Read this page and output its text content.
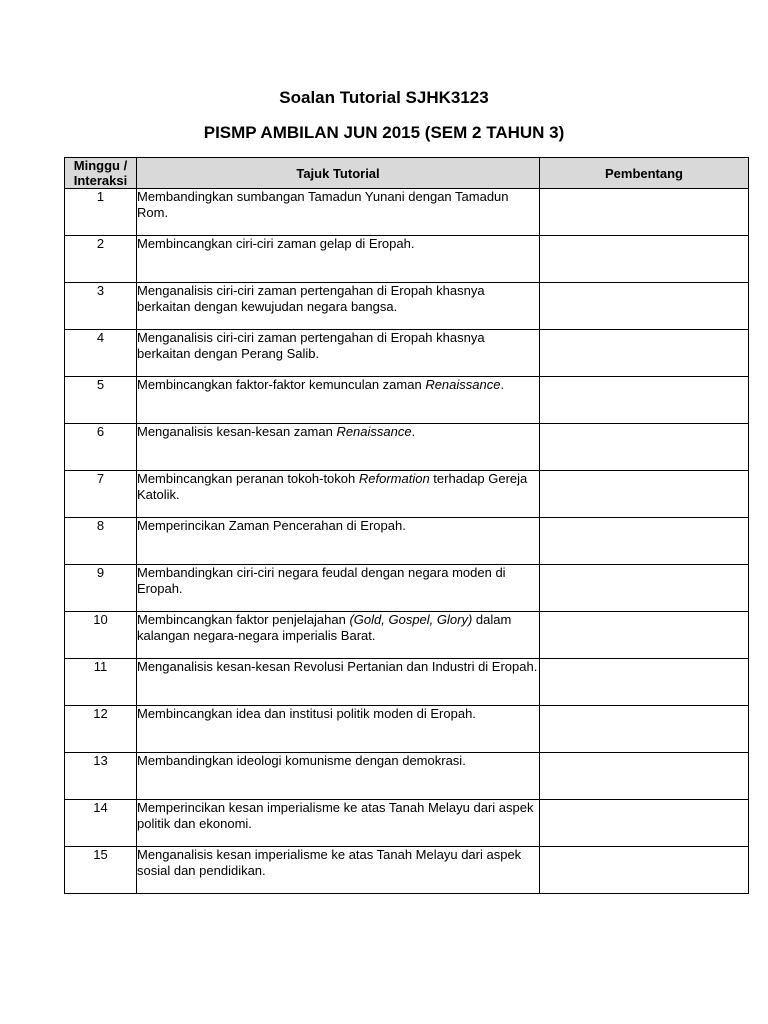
Soalan Tutorial SJHK3123
PISMP AMBILAN JUN 2015 (SEM 2 TAHUN 3)
Minggu / Interaksi	Tajuk Tutorial	Pembentang
1	Membandingkan sumbangan Tamadun Yunani dengan Tamadun Rom.	
2	Membincangkan ciri-ciri zaman gelap di Eropah.	
3	Menganalisis ciri-ciri zaman pertengahan di Eropah khasnya berkaitan dengan kewujudan negara bangsa.	
4	Menganalisis ciri-ciri zaman pertengahan di Eropah khasnya berkaitan dengan Perang Salib.	
5	Membincangkan faktor-faktor kemunculan zaman Renaissance.	
6	Menganalisis kesan-kesan zaman Renaissance.	
7	Membincangkan peranan tokoh-tokoh Reformation terhadap Gereja Katolik.	
8	Memperincikan Zaman Pencerahan di Eropah.	
9	Membandingkan ciri-ciri negara feudal dengan negara moden di Eropah.	
10	Membincangkan faktor penjelajahan (Gold, Gospel, Glory) dalam kalangan negara-negara imperialis Barat.	
11	Menganalisis kesan-kesan Revolusi Pertanian dan Industri di Eropah.	
12	Membincangkan idea dan institusi politik moden di Eropah.	
13	Membandingkan ideologi komunisme dengan demokrasi.	
14	Memperincikan kesan imperialisme ke atas Tanah Melayu dari aspek politik dan ekonomi.	
15	Menganalisis kesan imperialisme ke atas Tanah Melayu dari aspek sosial dan pendidikan.	
